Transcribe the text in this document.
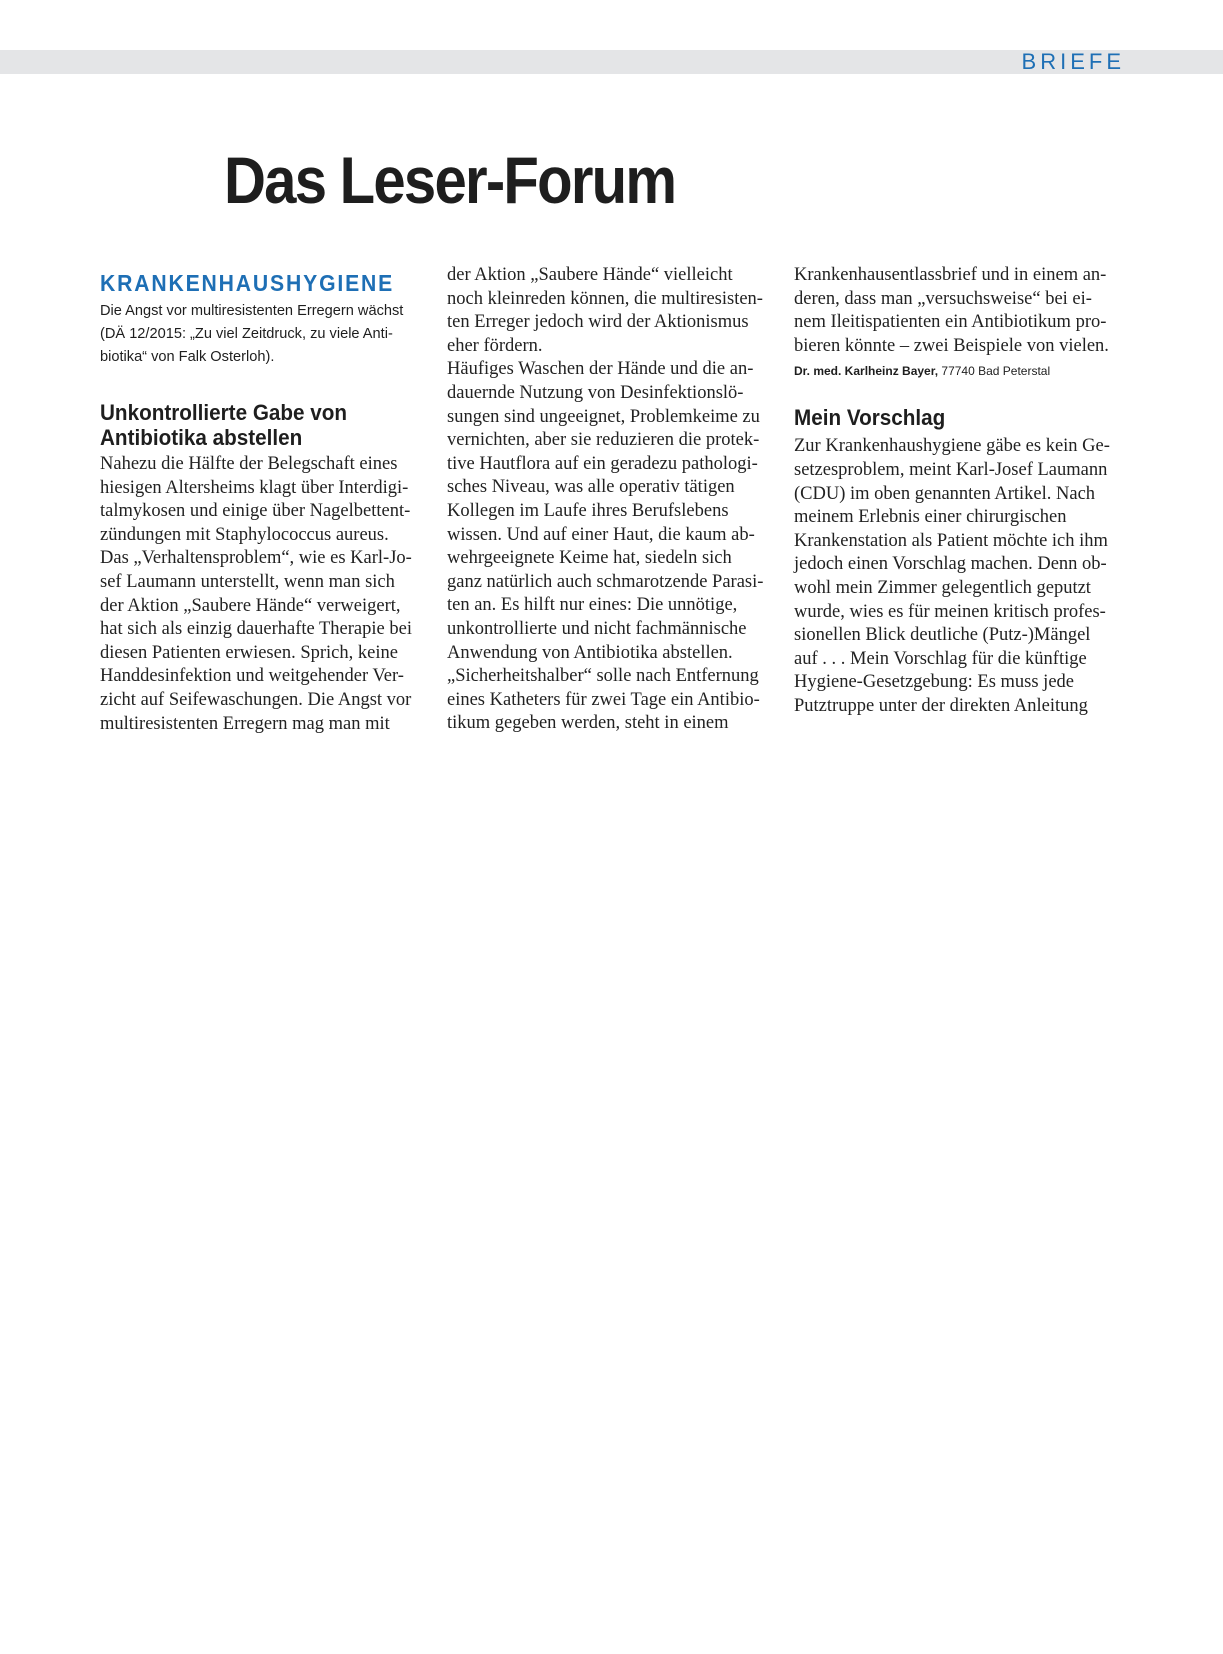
BRIEFE
Das Leser-Forum
KRANKENHAUSHYGIENE
Die Angst vor multiresistenten Erregern wächst
(DÄ 12/2015: „Zu viel Zeitdruck, zu viele Anti-
biotika“ von Falk Osterloh).
Unkontrollierte Gabe von
Antibiotika abstellen
Nahezu die Hälfte der Belegschaft eines
hiesigen Altersheims klagt über Interdigi-
talmykosen und einige über Nagelbettent-
zündungen mit Staphylococcus aureus.
Das „Verhaltensproblem“, wie es Karl-Jo-
sef Laumann unterstellt, wenn man sich
der Aktion „Saubere Hände“ verweigert,
hat sich als einzig dauerhafte Therapie bei
diesen Patienten erwiesen. Sprich, keine
Handdesinfektion und weitgehender Ver-
zicht auf Seifewaschungen. Die Angst vor
multiresistenten Erregern mag man mit
der Aktion „Saubere Hände“ vielleicht
noch kleinreden können, die multiresisten-
ten Erreger jedoch wird der Aktionismus
eher fördern.
Häufiges Waschen der Hände und die an-
dauernde Nutzung von Desinfektionslö-
sungen sind ungeeignet, Problemkeime zu
vernichten, aber sie reduzieren die protek-
tive Hautflora auf ein geradezu pathologi-
sches Niveau, was alle operativ tätigen
Kollegen im Laufe ihres Berufslebens
wissen. Und auf einer Haut, die kaum ab-
wehrgeeignete Keime hat, siedeln sich
ganz natürlich auch schmarotzende Parasi-
ten an. Es hilft nur eines: Die unnötige,
unkontrollierte und nicht fachmännische
Anwendung von Antibiotika abstellen.
„Sicherheitshalber“ solle nach Entfernung
eines Katheters für zwei Tage ein Antibio-
tikum gegeben werden, steht in einem
Krankenhausentlassbrief und in einem an-
deren, dass man „versuchsweise“ bei ei-
nem Ileitispatienten ein Antibiotikum pro-
bieren könnte – zwei Beispiele von vielen.
Dr. med. Karlheinz Bayer, 77740 Bad Peterstal
Mein Vorschlag
Zur Krankenhaushygiene gäbe es kein Ge-
setzesproblem, meint Karl-Josef Laumann
(CDU) im oben genannten Artikel. Nach
meinem Erlebnis einer chirurgischen
Krankenstation als Patient möchte ich ihm
jedoch einen Vorschlag machen. Denn ob-
wohl mein Zimmer gelegentlich geputzt
wurde, wies es für meinen kritisch profes-
sionellen Blick deutliche (Putz-)Mängel
auf . . . Mein Vorschlag für die künftige
Hygiene-Gesetzgebung: Es muss jede
Putztruppe unter der direkten Anleitung
